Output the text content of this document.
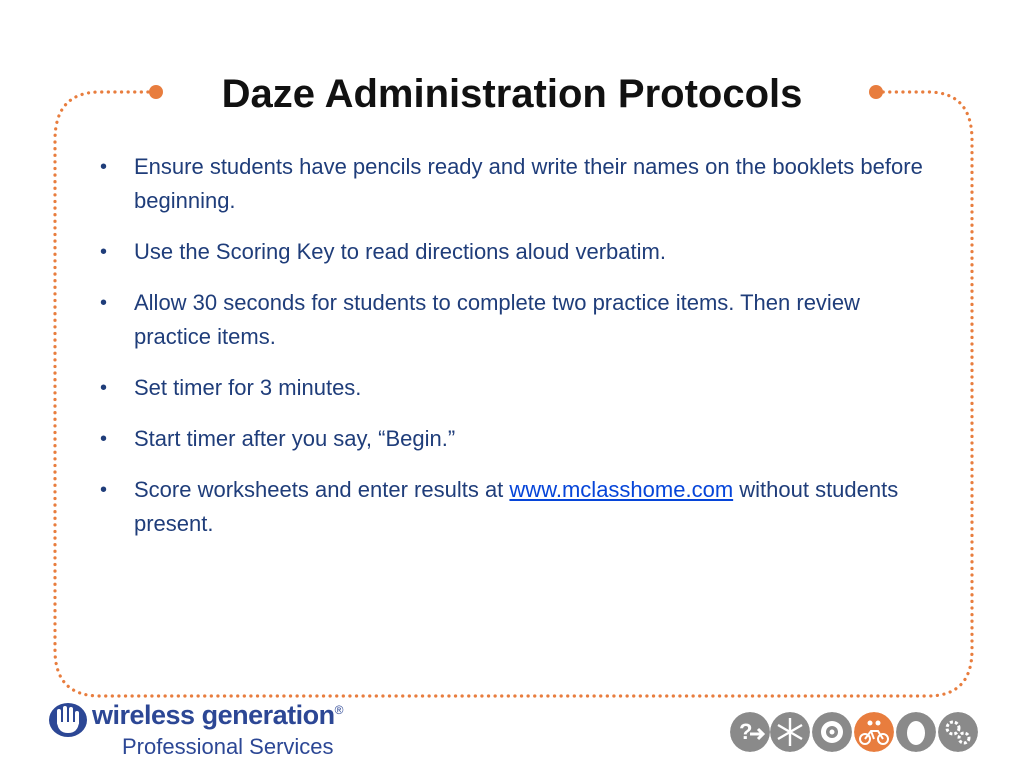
Daze Administration Protocols
•	Ensure students have pencils ready and write their names on the booklets before beginning.
•	Use the Scoring Key to read directions aloud verbatim.
•	Allow 30 seconds for students to complete two practice items. Then review practice items.
•	Set timer for 3 minutes.
•	Start timer after you say, “Begin.”
•	Score worksheets and enter results at www.mclasshome.com without students present.
wireless generation®
Professional Services
?
